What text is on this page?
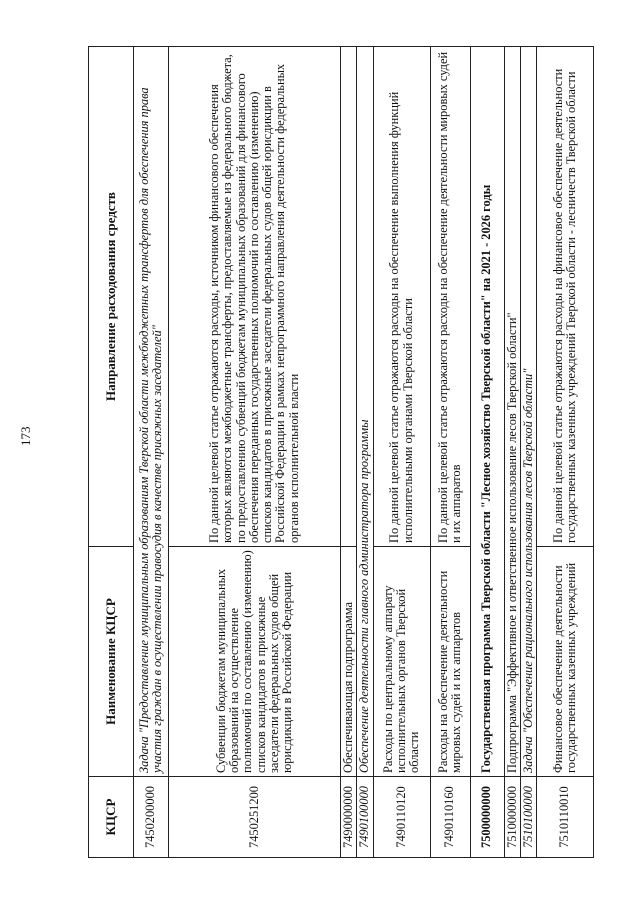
173
КЦСР	Наименование КЦСР	Направление расходования средств
7450200000	Задача "Предоставление муниципальным образованиям Тверской области межбюджетных трансфертов для обеспечения права участия граждан в осуществлении правосудия в качестве присяжных заседателей"	
7450251200	Субвенции бюджетам муниципальных образований на осуществление полномочий по составлению (изменению) списков кандидатов в присяжные заседатели федеральных судов общей юрисдикции в Российской Федерации	По данной целевой статье отражаются расходы, источником финансового обеспечения которых являются межбюджетные трансферты, предоставляемые из федерального бюджета, по предоставлению субвенций бюджетам муниципальных образований для финансового обеспечения переданных государственных полномочий по составлению (изменению) списков кандидатов в присяжные заседатели федеральных судов общей юрисдикции в Российской Федерации в рамках непрограммного направления деятельности федеральных органов исполнительной власти
7490000000	Обеспечивающая подпрограмма	
7490100000	Обеспечение деятельности главного администратора программы	
7490110120	Расходы по центральному аппарату исполнительных органов Тверской области	По данной целевой статье отражаются расходы на обеспечение выполнения функций исполнительными органами Тверской области
7490110160	Расходы на обеспечение деятельности мировых судей и их аппаратов	По данной целевой статье отражаются расходы на обеспечение деятельности мировых судей и их аппаратов
7500000000	Государственная программа Тверской области "Лесное хозяйство Тверской области" на 2021 - 2026 годы	
7510000000	Подпрограмма "Эффективное и ответственное использование лесов Тверской области"	
7510100000	Задача "Обеспечение рационального использования лесов Тверской области"	
7510110010	Финансовое обеспечение деятельности государственных казенных учреждений	По данной целевой статье отражаются расходы на финансовое обеспечение деятельности государственных казенных учреждений Тверской области - лесничеств Тверской области
